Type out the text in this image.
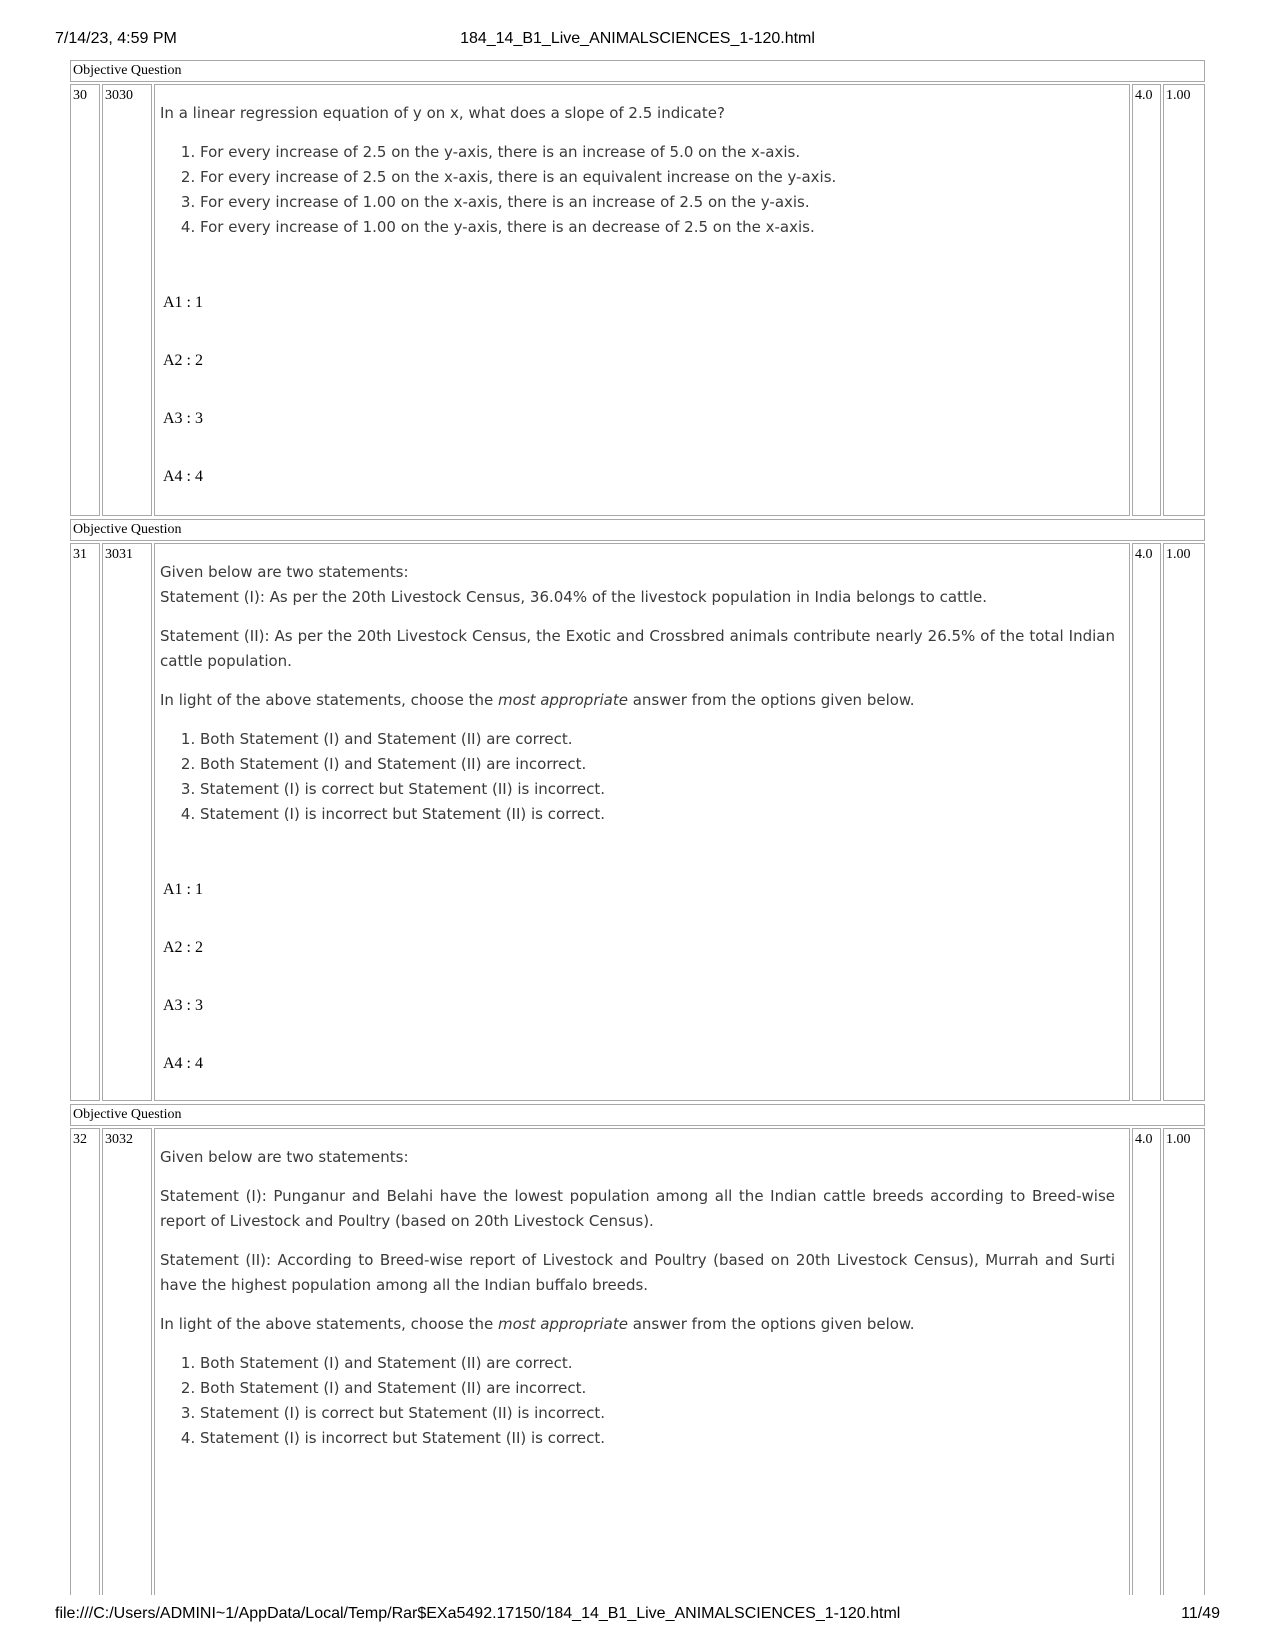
7/14/23, 4:59 PM	184_14_B1_Live_ANIMALSCIENCES_1-120.html
Objective Question
30	3030

In a linear regression equation of y on x, what does a slope of 2.5 indicate?

1. For every increase of 2.5 on the y-axis, there is an increase of 5.0 on the x-axis.
2. For every increase of 2.5 on the x-axis, there is an equivalent increase on the y-axis.
3. For every increase of 1.00 on the x-axis, there is an increase of 2.5 on the y-axis.
4. For every increase of 1.00 on the y-axis, there is an decrease of 2.5 on the x-axis.
A1 : 1
A2 : 2
A3 : 3
A4 : 4
4.0 1.00
Objective Question
31	3031

Given below are two statements:

Statement (I): As per the 20th Livestock Census, 36.04% of the livestock population in India belongs to cattle.

Statement (II): As per the 20th Livestock Census, the Exotic and Crossbred animals contribute nearly 26.5% of the total Indian cattle population.

In light of the above statements, choose the most appropriate answer from the options given below.

1. Both Statement (I) and Statement (II) are correct.
2. Both Statement (I) and Statement (II) are incorrect.
3. Statement (I) is correct but Statement (II) is incorrect.
4. Statement (I) is incorrect but Statement (II) is correct.
A1 : 1
A2 : 2
A3 : 3
A4 : 4
4.0 1.00
Objective Question
32	3032

Given below are two statements:

Statement (I): Punganur and Belahi have the lowest population among all the Indian cattle breeds according to Breed-wise report of Livestock and Poultry (based on 20th Livestock Census).

Statement (II): According to Breed-wise report of Livestock and Poultry (based on 20th Livestock Census), Murrah and Surti have the highest population among all the Indian buffalo breeds.

In light of the above statements, choose the most appropriate answer from the options given below.

1. Both Statement (I) and Statement (II) are correct.
2. Both Statement (I) and Statement (II) are incorrect.
3. Statement (I) is correct but Statement (II) is incorrect.
4. Statement (I) is incorrect but Statement (II) is correct.
4.0 1.00
file:///C:/Users/ADMINI~1/AppData/Local/Temp/Rar$EXa5492.17150/184_14_B1_Live_ANIMALSCIENCES_1-120.html	11/49
